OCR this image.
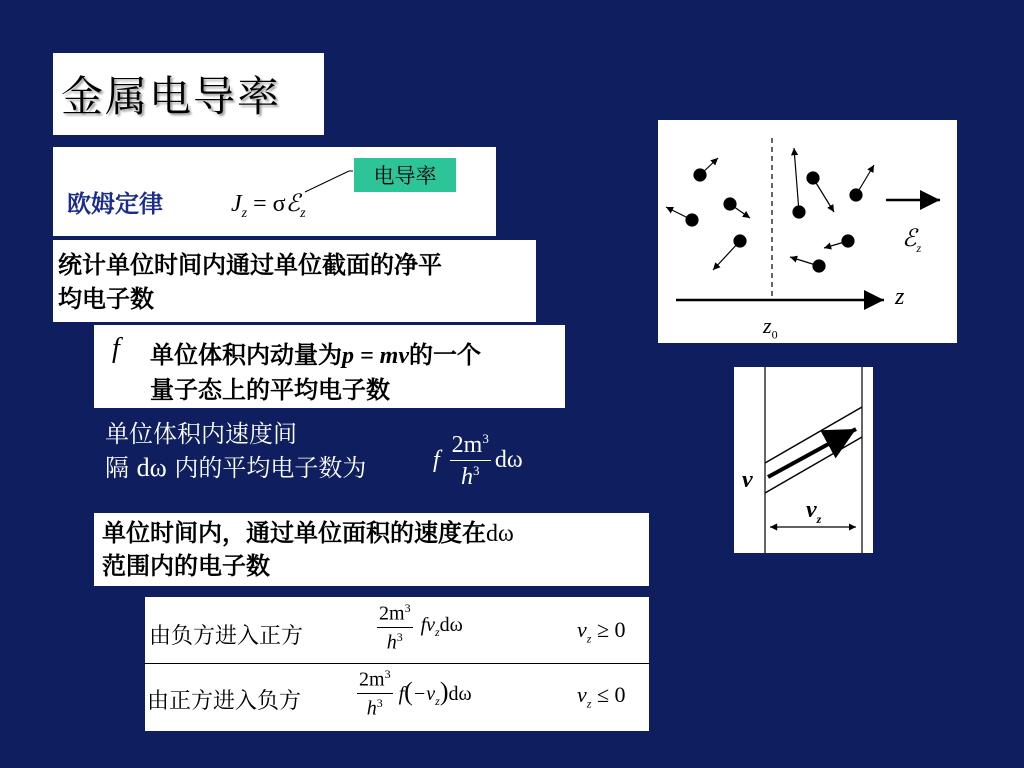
金属电导率
欧姆定律	$J_z$ = σℰ$_z$
电导率
统计单位时间内通过单位截面的净平
均电子数
f 单位体积内动量为p = mv的一个
量子态上的平均电子数
单位体积内速度间
隔 dω 内的平均电子数为	f $\frac{2m^3}{h^3}$ dω
单位时间内，通过单位面积的速度在dω
范围内的电子数
由负方进入正方	$\frac{2m^3}{h^3} fv_zd\omega$	$v_z \ge 0$
由正方进入负方	$\frac{2m^3}{h^3} f(-v_z)d\omega$	$v_z \le 0$
ℰ$_z$
z
$z_0$
v
$v_z$
